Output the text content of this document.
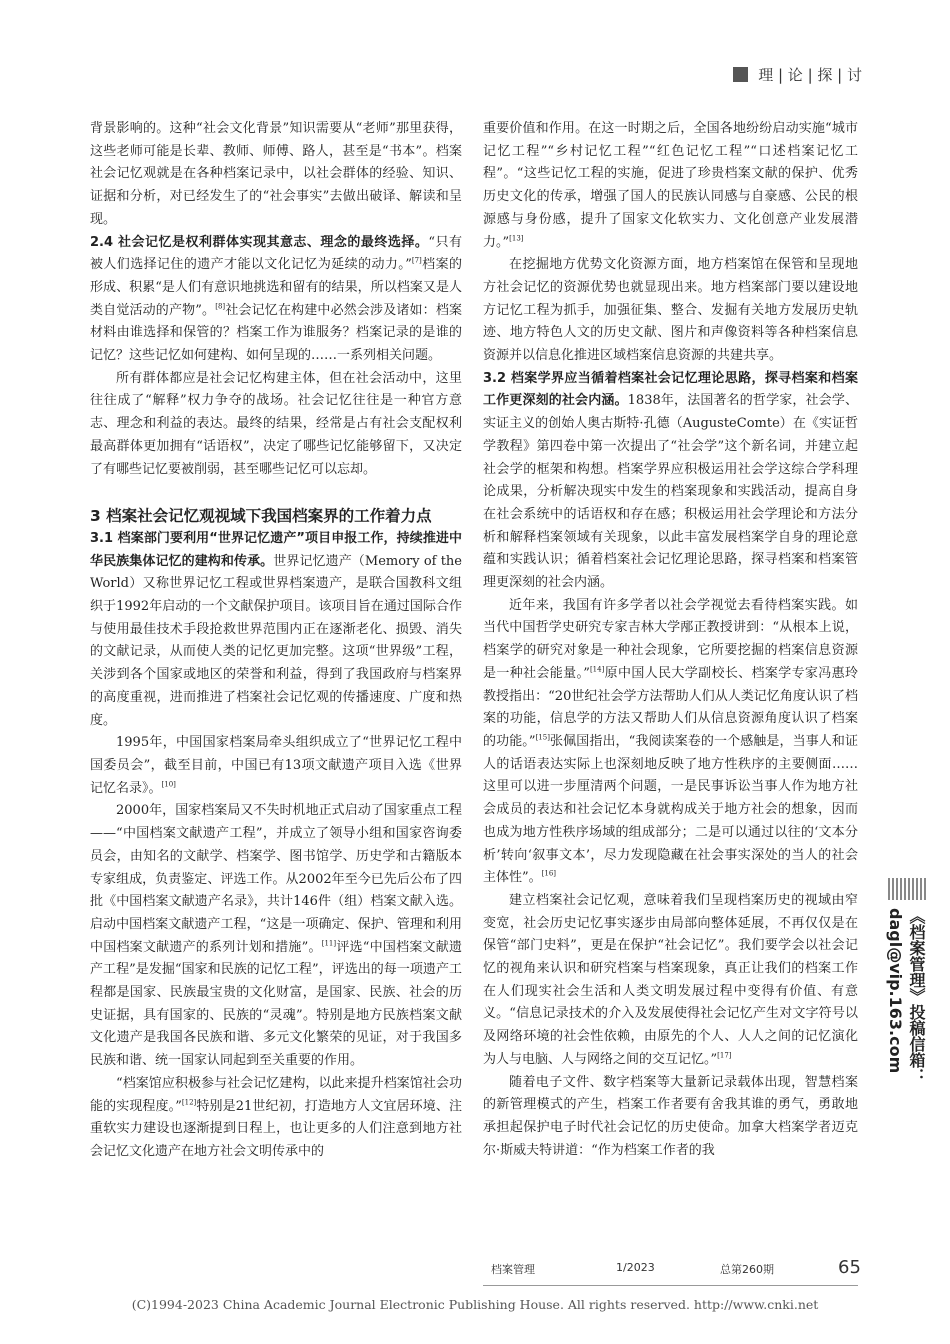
理 | 论 | 探 | 讨

背景影响的。这种“社会文化背景”知识需要从“老师”那里获得，这些老师可能是长辈、教师、师傅、路人，甚至是“书本”。档案社会记忆观就是在各种档案记录中，以社会群体的经验、知识、证据和分析，对已经发生了的“社会事实”去做出破译、解读和呈现。

2.4 社会记忆是权利群体实现其意志、理念的最终选择。“只有被人们选择记住的遗产才能以文化记忆为延续的动力。”[7]档案的形成、积累“是人们有意识地挑选和留有的结果，所以档案又是人类自觉活动的产物”。[8]社会记忆在构建中必然会涉及诸如：档案材料由谁选择和保管的？档案工作为谁服务？档案记录的是谁的记忆？这些记忆如何建构、如何呈现的……一系列相关问题。

所有群体都应是社会记忆构建主体，但在社会活动中，这里往往成了“解释”权力争夺的战场。社会记忆往往是一种官方意志、理念和利益的表达。最终的结果，经常是占有社会支配权利最高群体更加拥有“话语权”，决定了哪些记忆能够留下，又决定了有哪些记忆要被削弱，甚至哪些记忆可以忘却。

3 档案社会记忆观视域下我国档案界的工作着力点

3.1 档案部门要利用“世界记忆遗产”项目申报工作，持续推进中华民族集体记忆的建构和传承。世界记忆遗产（Memory of the World）又称世界记忆工程或世界档案遗产，是联合国教科文组织于1992年启动的一个文献保护项目。该项目旨在通过国际合作与使用最佳技术手段抢救世界范围内正在逐渐老化、损毁、消失的文献记录，从而使人类的记忆更加完整。这项“世界级”工程，关涉到各个国家或地区的荣誉和利益，得到了我国政府与档案界的高度重视，进而推进了档案社会记忆观的传播速度、广度和热度。

1995年，中国国家档案局牵头组织成立了“世界记忆工程中国委员会”，截至目前，中国已有13项文献遗产项目入选《世界记忆名录》。[10]

2000年，国家档案局又不失时机地正式启动了国家重点工程——“中国档案文献遗产工程”，并成立了领导小组和国家咨询委员会，由知名的文献学、档案学、图书馆学、历史学和古籍版本专家组成，负责鉴定、评选工作。从2002年至今已先后公布了四批《中国档案文献遗产名录》，共计146件（组）档案文献入选。启动中国档案文献遗产工程，“这是一项确定、保护、管理和利用中国档案文献遗产的系列计划和措施”。[11]评选“中国档案文献遗产工程”是发掘“国家和民族的记忆工程”，评选出的每一项遗产工程都是国家、民族最宝贵的文化财富，是国家、民族、社会的历史证据，具有国家的、民族的“灵魂”。特别是地方民族档案文献文化遗产是我国各民族和谐、多元文化繁荣的见证，对于我国多民族和谐、统一国家认同起到至关重要的作用。

“档案馆应积极参与社会记忆建构，以此来提升档案馆社会功能的实现程度。”[12]特别是21世纪初，打造地方人文宜居环境、注重软实力建设也逐渐提到日程上，也让更多的人们注意到地方社会记忆文化遗产在地方社会文明传承中的

重要价值和作用。在这一时期之后，全国各地纷纷启动实施“城市记忆工程”“乡村记忆工程”“红色记忆工程”“口述档案记忆工程”。“这些记忆工程的实施，促进了珍贵档案文献的保护、优秀历史文化的传承，增强了国人的民族认同感与自豪感、公民的根源感与身份感，提升了国家文化软实力、文化创意产业发展潜力。”[13]

在挖掘地方优势文化资源方面，地方档案馆在保管和呈现地方社会记忆的资源优势也就显现出来。地方档案部门要以建设地方记忆工程为抓手，加强征集、整合、发掘有关地方发展历史轨迹、地方特色人文的历史文献、图片和声像资料等各种档案信息资源并以信息化推进区域档案信息资源的共建共享。

3.2 档案学界应当循着档案社会记忆理论思路，探寻档案和档案工作更深刻的社会内涵。1838年，法国著名的哲学家，社会学、实证主义的创始人奥古斯特·孔德（AugusteComte）在《实证哲学教程》第四卷中第一次提出了“社会学”这个新名词，并建立起社会学的框架和构想。档案学界应积极运用社会学这综合学科理论成果，分析解决现实中发生的档案现象和实践活动，提高自身在社会系统中的话语权和存在感；积极运用社会学理论和方法分析和解释档案领域有关现象，以此丰富发展档案学自身的理论意蕴和实践认识；循着档案社会记忆理论思路，探寻档案和档案管理更深刻的社会内涵。

近年来，我国有许多学者以社会学视觉去看待档案实践。如当代中国哲学史研究专家吉林大学邴正教授讲到：“从根本上说，档案学的研究对象是一种社会现象，它所要挖掘的档案信息资源是一种社会能量。”[14]原中国人民大学副校长、档案学专家冯惠玲教授指出：“20世纪社会学方法帮助人们从人类记忆角度认识了档案的功能，信息学的方法又帮助人们从信息资源角度认识了档案的功能。”[15]张佩国指出，“我阅读案卷的一个感触是，当事人和证人的话语表达实际上也深刻地反映了地方性秩序的主要侧面……这里可以进一步厘清两个问题，一是民事诉讼当事人作为地方社会成员的表达和社会记忆本身就构成关于地方社会的想象，因而也成为地方性秩序场域的组成部分；二是可以通过以往的‘文本分析’转向‘叙事文本’，尽力发现隐藏在社会事实深处的当人的社会主体性”。[16]

建立档案社会记忆观，意味着我们呈现档案历史的视域由窄变宽，社会历史记忆事实逐步由局部向整体延展，不再仅仅是在保管“部门史料”，更是在保护“社会记忆”。我们要学会以社会记忆的视角来认识和研究档案与档案现象，真正让我们的档案工作在人们现实社会生活和人类文明发展过程中变得有价值、有意义。“信息记录技术的介入及发展使得社会记忆产生对文字符号以及网络环境的社会性依赖，由原先的个人、人人之间的记忆演化为人与电脑、人与网络之间的交互记忆。”[17]

随着电子文件、数字档案等大量新记录载体出现，智慧档案的新管理模式的产生，档案工作者要有舍我其谁的勇气，勇敢地承担起保护电子时代社会记忆的历史使命。加拿大档案学者迈克尔·斯威夫特讲道：“作为档案工作者的我

《档案管理》投稿信箱：dagl@vip.163.com
档案管理	1/2023	总第260期	65
(C)1994-2023 China Academic Journal Electronic Publishing House. All rights reserved. http://www.cnki.net
